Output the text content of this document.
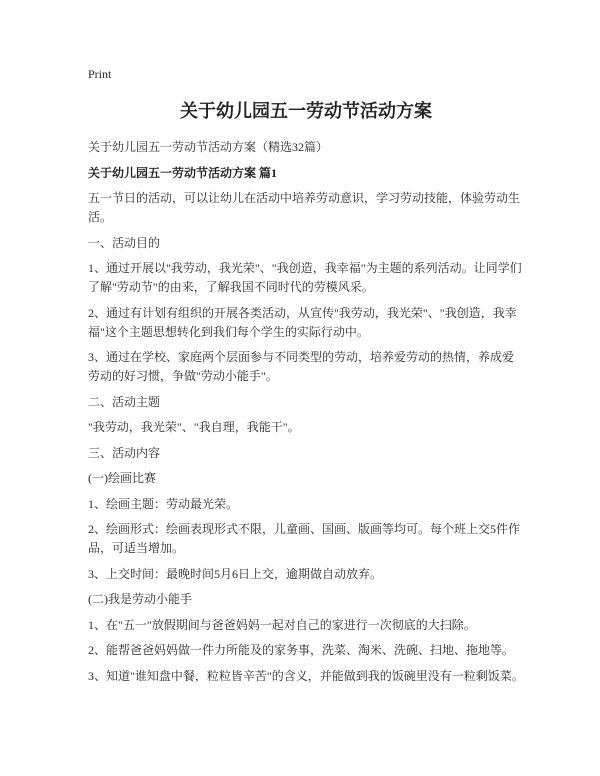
Print
关于幼儿园五一劳动节活动方案

关于幼儿园五一劳动节活动方案（精选32篇）

关于幼儿园五一劳动节活动方案 篇1

五一节日的活动，可以让幼儿在活动中培养劳动意识，学习劳动技能，体验劳动生活。

一、活动目的

1、通过开展以"我劳动，我光荣"、"我创造，我幸福"为主题的系列活动。让同学们了解"劳动节"的由来，了解我国不同时代的劳模风采。

2、通过有计划有组织的开展各类活动，从宣传"我劳动，我光荣"、"我创造，我幸福"这个主题思想转化到我们每个学生的实际行动中。

3、通过在学校、家庭两个层面参与不同类型的劳动，培养爱劳动的热情，养成爱劳动的好习惯，争做"劳动小能手"。

二、活动主题

"我劳动，我光荣"、"我自理，我能干"。

三、活动内容

(一)绘画比赛

1、绘画主题：劳动最光荣。

2、绘画形式：绘画表现形式不限，儿童画、国画、版画等均可。每个班上交5件作品，可适当增加。

3、上交时间：最晚时间5月6日上交，逾期做自动放弃。

(二)我是劳动小能手

1、在"五一"放假期间与爸爸妈妈一起对自己的家进行一次彻底的大扫除。

2、能帮爸爸妈妈做一件力所能及的家务事，洗菜、淘米、洗碗、扫地、拖地等。

3、知道"谁知盘中餐，粒粒皆辛苦"的含义，并能做到我的饭碗里没有一粒剩饭菜。
